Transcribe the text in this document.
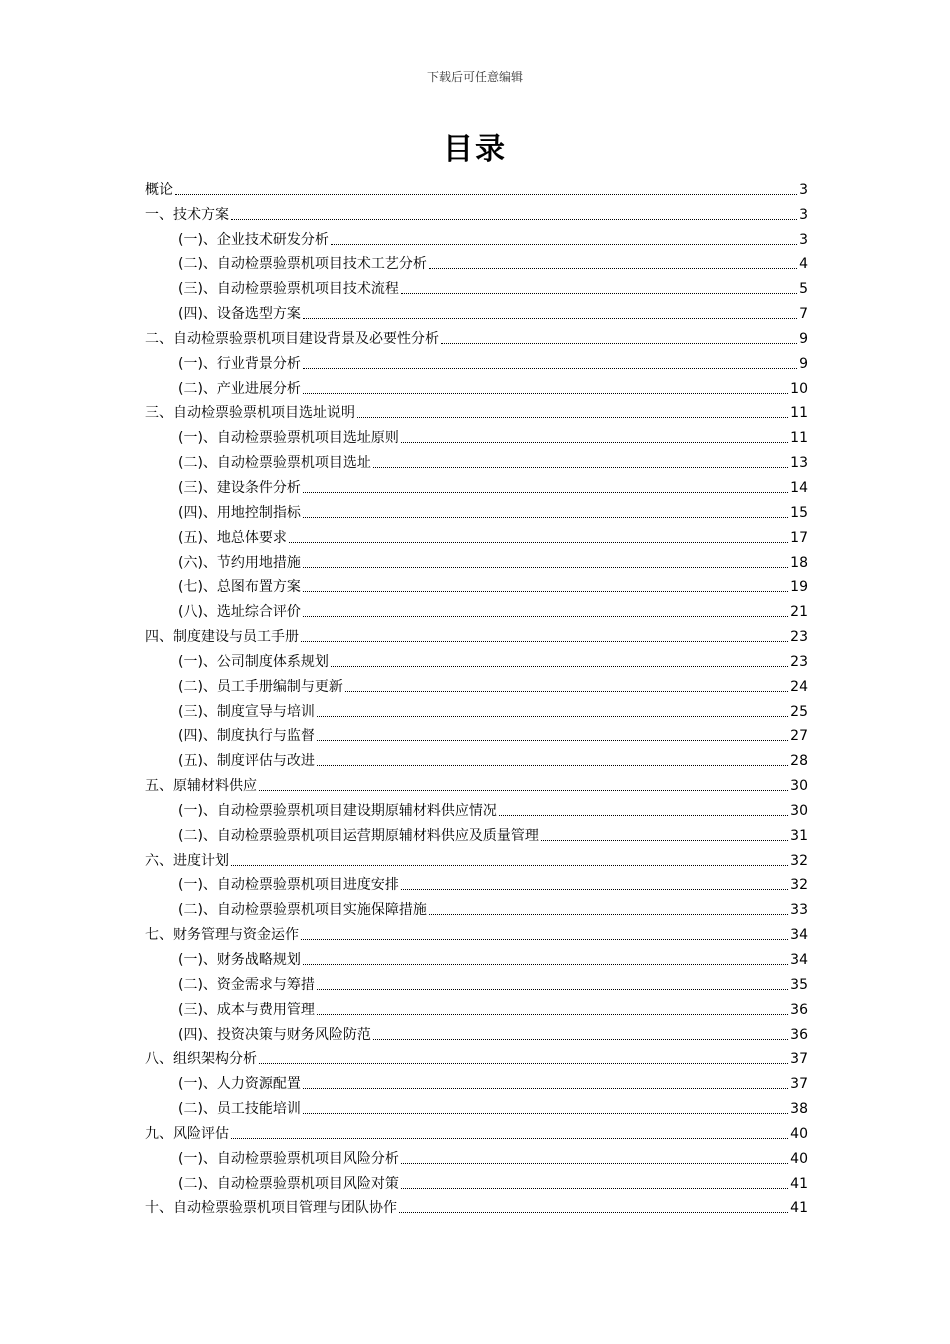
下载后可任意编辑
目录
概论	3
一、技术方案	3
(一)、企业技术研发分析	3
(二)、自动检票验票机项目技术工艺分析	4
(三)、自动检票验票机项目技术流程	5
(四)、设备选型方案	7
二、自动检票验票机项目建设背景及必要性分析	9
(一)、行业背景分析	9
(二)、产业进展分析	10
三、自动检票验票机项目选址说明	11
(一)、自动检票验票机项目选址原则	11
(二)、自动检票验票机项目选址	13
(三)、建设条件分析	14
(四)、用地控制指标	15
(五)、地总体要求	17
(六)、节约用地措施	18
(七)、总图布置方案	19
(八)、选址综合评价	21
四、制度建设与员工手册	23
(一)、公司制度体系规划	23
(二)、员工手册编制与更新	24
(三)、制度宣导与培训	25
(四)、制度执行与监督	27
(五)、制度评估与改进	28
五、原辅材料供应	30
(一)、自动检票验票机项目建设期原辅材料供应情况	30
(二)、自动检票验票机项目运营期原辅材料供应及质量管理	31
六、进度计划	32
(一)、自动检票验票机项目进度安排	32
(二)、自动检票验票机项目实施保障措施	33
七、财务管理与资金运作	34
(一)、财务战略规划	34
(二)、资金需求与筹措	35
(三)、成本与费用管理	36
(四)、投资决策与财务风险防范	36
八、组织架构分析	37
(一)、人力资源配置	37
(二)、员工技能培训	38
九、风险评估	40
(一)、自动检票验票机项目风险分析	40
(二)、自动检票验票机项目风险对策	41
十、自动检票验票机项目管理与团队协作	41
